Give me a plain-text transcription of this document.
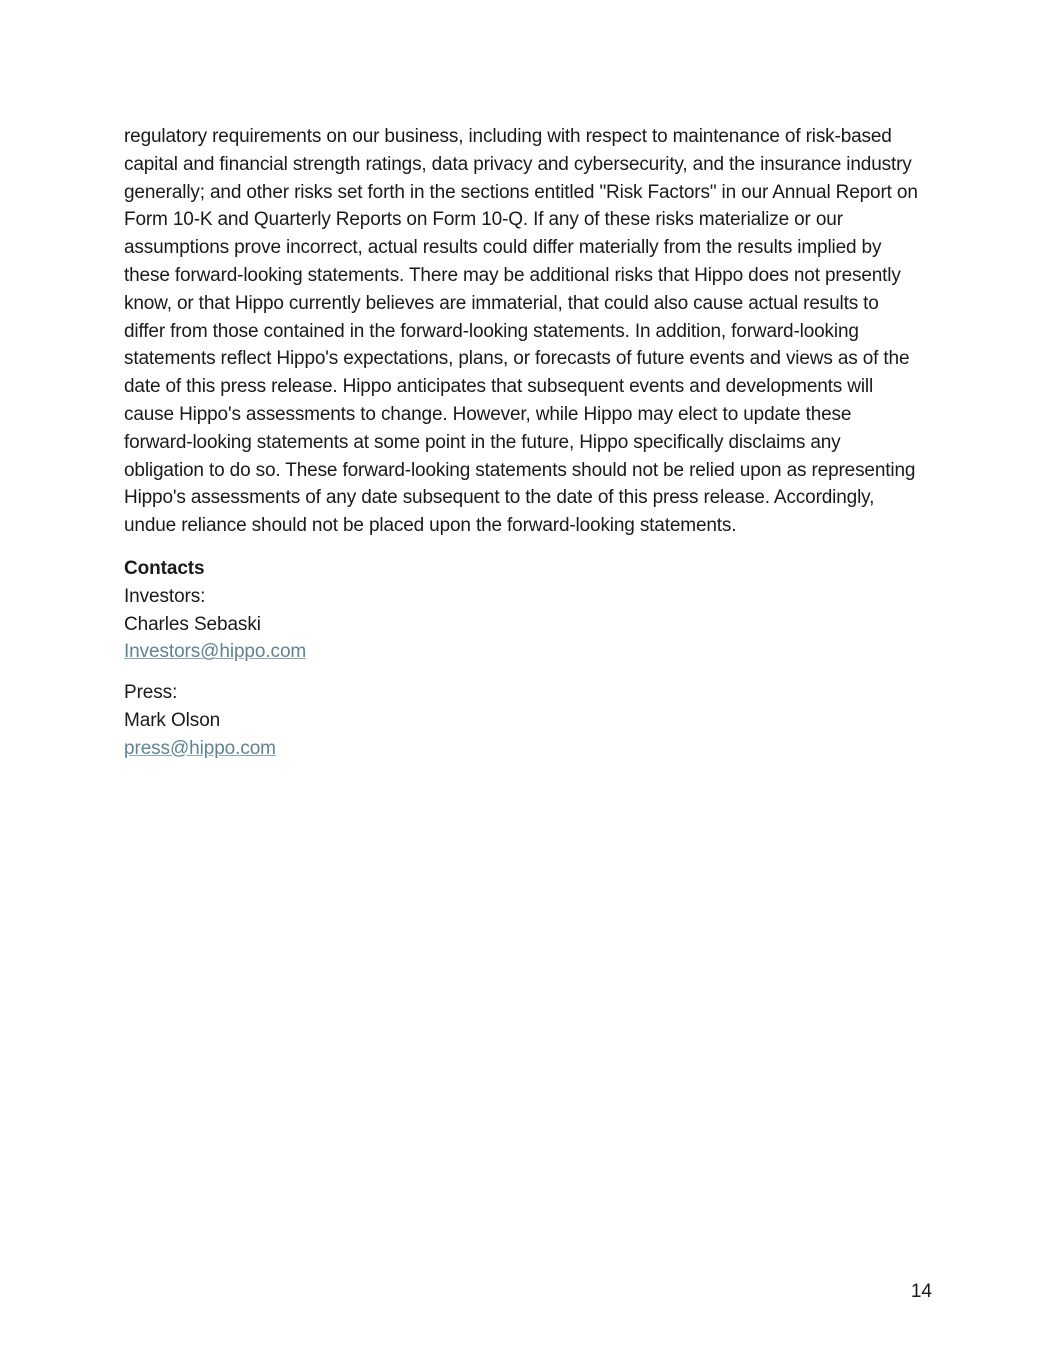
regulatory requirements on our business, including with respect to maintenance of risk-based capital and financial strength ratings, data privacy and cybersecurity, and the insurance industry generally; and other risks set forth in the sections entitled "Risk Factors" in our Annual Report on Form 10-K and Quarterly Reports on Form 10-Q. If any of these risks materialize or our assumptions prove incorrect, actual results could differ materially from the results implied by these forward-looking statements. There may be additional risks that Hippo does not presently know, or that Hippo currently believes are immaterial, that could also cause actual results to differ from those contained in the forward-looking statements. In addition, forward-looking statements reflect Hippo's expectations, plans, or forecasts of future events and views as of the date of this press release. Hippo anticipates that subsequent events and developments will cause Hippo's assessments to change. However, while Hippo may elect to update these forward-looking statements at some point in the future, Hippo specifically disclaims any obligation to do so. These forward-looking statements should not be relied upon as representing Hippo's assessments of any date subsequent to the date of this press release. Accordingly, undue reliance should not be placed upon the forward-looking statements.

Contacts
Investors:
Charles Sebaski
Investors@hippo.com
Press:
Mark Olson
press@hippo.com
14
